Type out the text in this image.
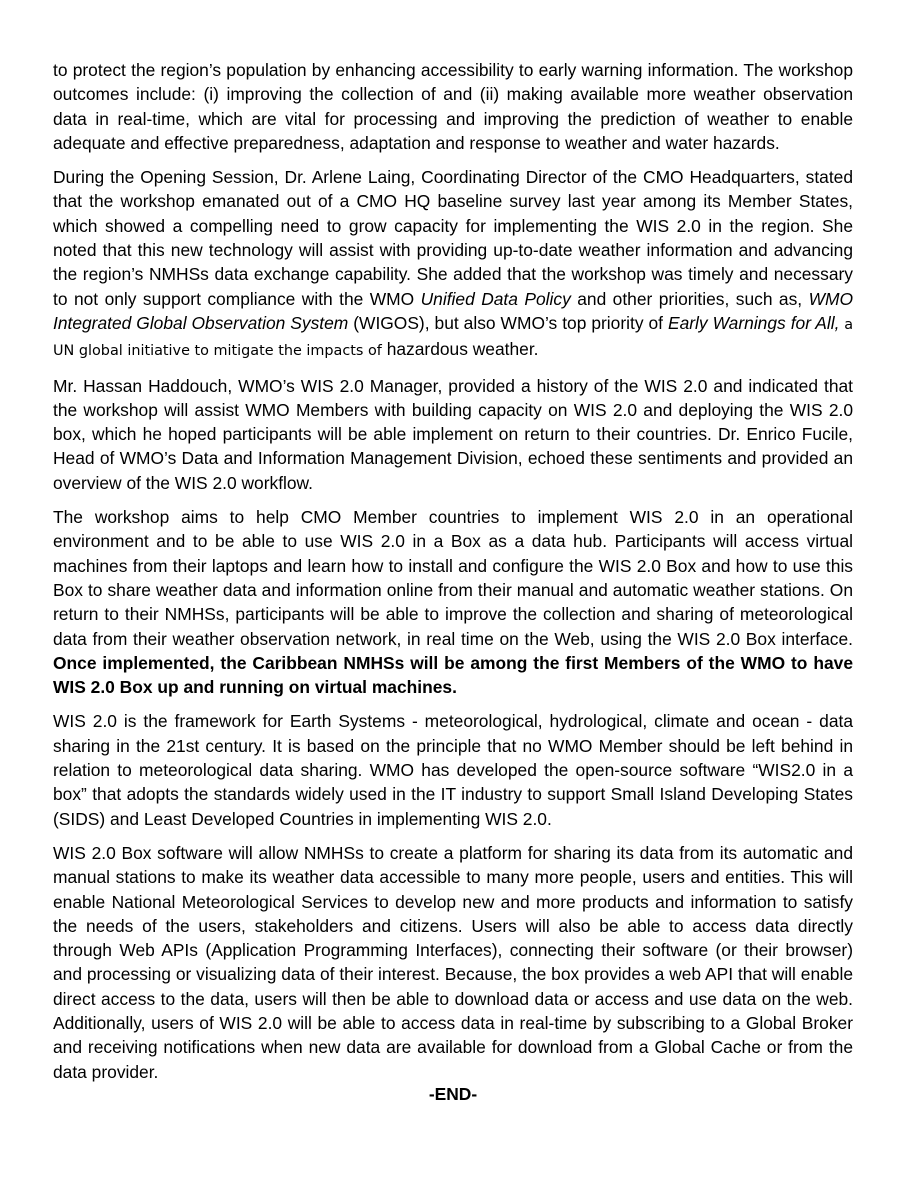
to protect the region’s population by enhancing accessibility to early warning information. The workshop outcomes include: (i) improving the collection of and (ii) making available more weather observation data in real-time, which are vital for processing and improving the prediction of weather to enable adequate and effective preparedness, adaptation and response to weather and water hazards.

During the Opening Session, Dr. Arlene Laing, Coordinating Director of the CMO Headquarters, stated that the workshop emanated out of a CMO HQ baseline survey last year among its Member States, which showed a compelling need to grow capacity for implementing the WIS 2.0 in the region. She noted that this new technology will assist with providing up-to-date weather information and advancing the region’s NMHSs data exchange capability. She added that the workshop was timely and necessary to not only support compliance with the WMO Unified Data Policy and other priorities, such as, WMO Integrated Global Observation System (WIGOS), but also WMO’s top priority of Early Warnings for All, a UN global initiative to mitigate the impacts of hazardous weather.

Mr. Hassan Haddouch, WMO’s WIS 2.0 Manager, provided a history of the WIS 2.0 and indicated that the workshop will assist WMO Members with building capacity on WIS 2.0 and deploying the WIS 2.0 box, which he hoped participants will be able implement on return to their countries. Dr. Enrico Fucile, Head of WMO’s Data and Information Management Division, echoed these sentiments and provided an overview of the WIS 2.0 workflow.

The workshop aims to help CMO Member countries to implement WIS 2.0 in an operational environment and to be able to use WIS 2.0 in a Box as a data hub. Participants will access virtual machines from their laptops and learn how to install and configure the WIS 2.0 Box and how to use this Box to share weather data and information online from their manual and automatic weather stations. On return to their NMHSs, participants will be able to improve the collection and sharing of meteorological data from their weather observation network, in real time on the Web, using the WIS 2.0 Box interface. Once implemented, the Caribbean NMHSs will be among the first Members of the WMO to have WIS 2.0 Box up and running on virtual machines.

WIS 2.0 is the framework for Earth Systems - meteorological, hydrological, climate and ocean - data sharing in the 21st century. It is based on the principle that no WMO Member should be left behind in relation to meteorological data sharing. WMO has developed the open-source software “WIS2.0 in a box” that adopts the standards widely used in the IT industry to support Small Island Developing States (SIDS) and Least Developed Countries in implementing WIS 2.0.

WIS 2.0 Box software will allow NMHSs to create a platform for sharing its data from its automatic and manual stations to make its weather data accessible to many more people, users and entities. This will enable National Meteorological Services to develop new and more products and information to satisfy the needs of the users, stakeholders and citizens. Users will also be able to access data directly through Web APIs (Application Programming Interfaces), connecting their software (or their browser) and processing or visualizing data of their interest. Because, the box provides a web API that will enable direct access to the data, users will then be able to download data or access and use data on the web. Additionally, users of WIS 2.0 will be able to access data in real-time by subscribing to a Global Broker and receiving notifications when new data are available for download from a Global Cache or from the data provider.

-END-
